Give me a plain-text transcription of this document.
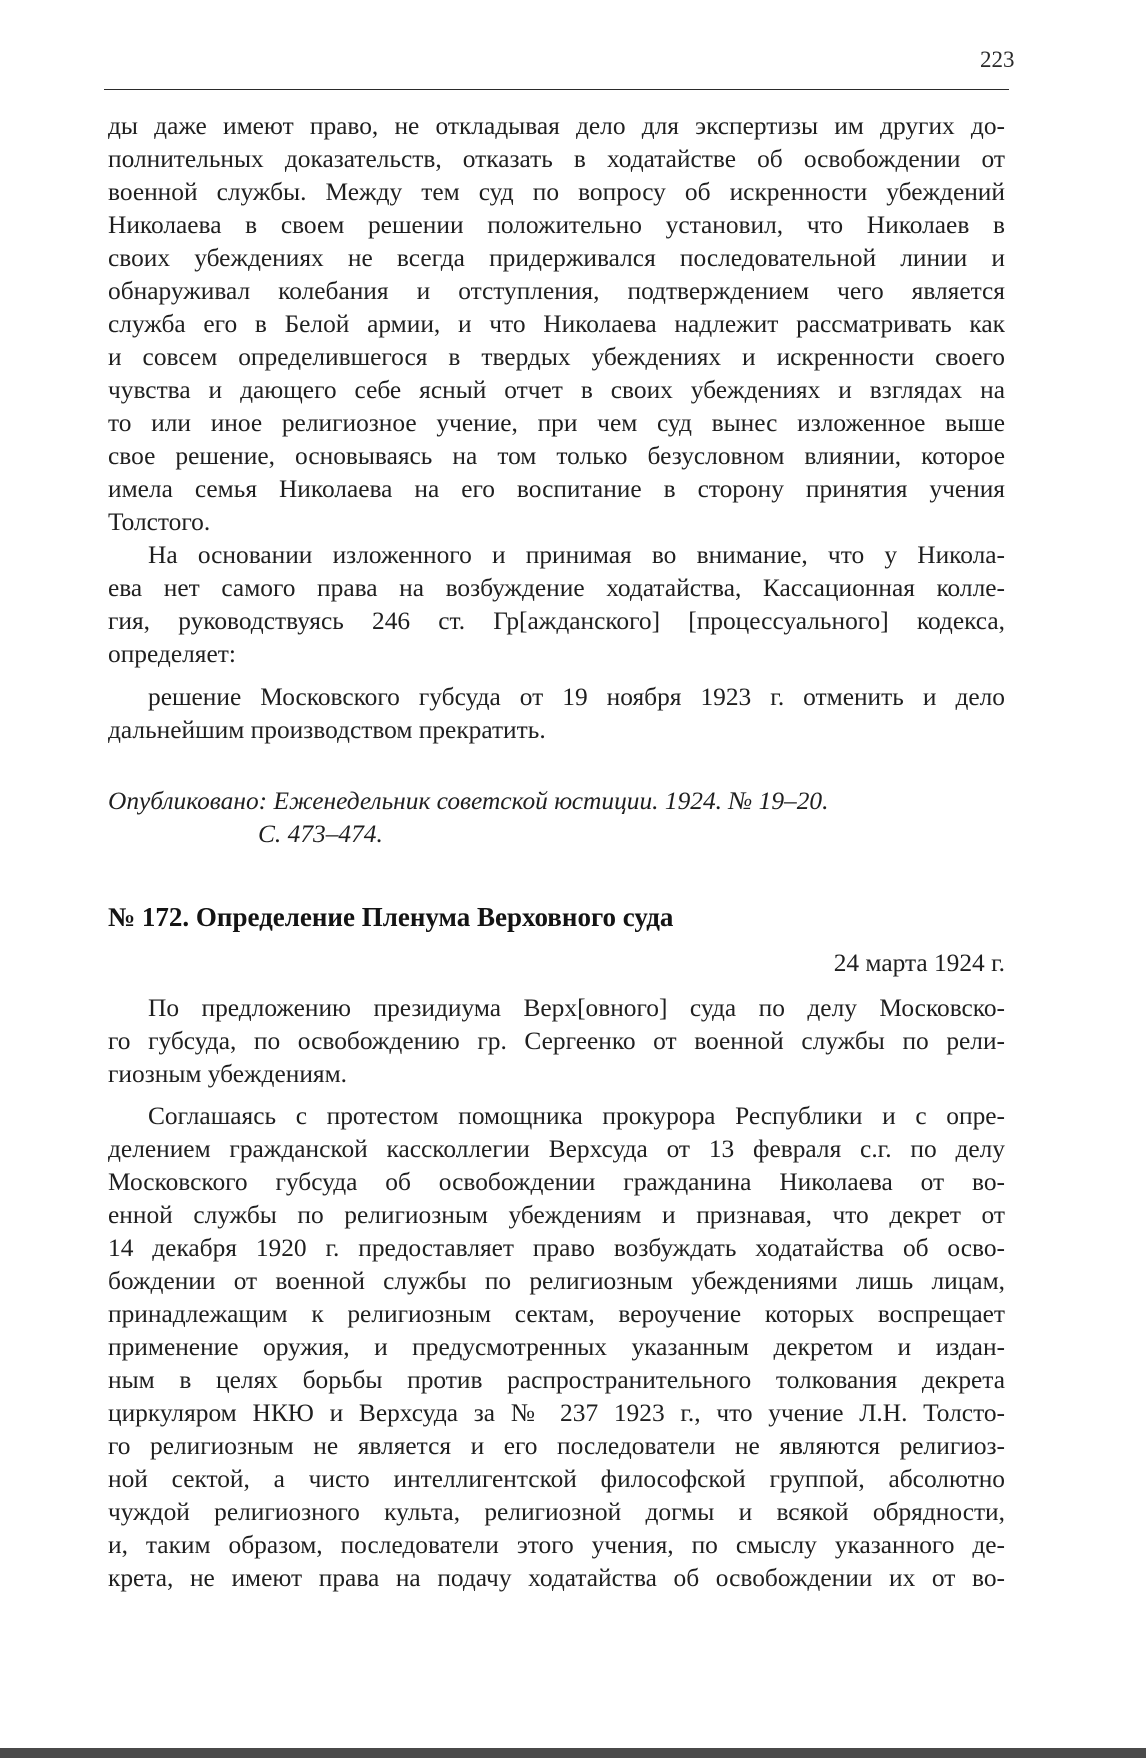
223
ды даже имеют право, не откладывая дело для экспертизы им других до-
полнительных доказательств, отказать в ходатайстве об освобождении от
военной службы. Между тем суд по вопросу об искренности убеждений
Николаева в своем решении положительно установил, что Николаев в
своих убеждениях не всегда придерживался последовательной линии и
обнаруживал колебания и отступления, подтверждением чего является
служба его в Белой армии, и что Николаева надлежит рассматривать как
и совсем определившегося в твердых убеждениях и искренности своего
чувства и дающего себе ясный отчет в своих убеждениях и взглядах на
то или иное религиозное учение, при чем суд вынес изложенное выше
свое решение, основываясь на том только безусловном влиянии, которое
имела семья Николаева на его воспитание в сторону принятия учения
Толстого.
На основании изложенного и принимая во внимание, что у Никола-
ева нет самого права на возбуждение ходатайства, Кассационная колле-
гия, руководствуясь 246 ст. Гр[ажданского] [процессуального] кодекса,
определяет:
решение Московского губсуда от 19 ноября 1923 г. отменить и дело
дальнейшим производством прекратить.
Опубликовано: Еженедельник советской юстиции. 1924. № 19–20.
С. 473–474.
№ 172. Определение Пленума Верховного суда
24 марта 1924 г.
По предложению президиума Верх[овного] суда по делу Московско-
го губсуда, по освобождению гр. Сергеенко от военной службы по рели-
гиозным убеждениям.
Соглашаясь с протестом помощника прокурора Республики и с опре-
делением гражданской кассколлегии Верхсуда от 13 февраля с.г. по делу
Московского губсуда об освобождении гражданина Николаева от во-
енной службы по религиозным убеждениям и признавая, что декрет от
14 декабря 1920 г. предоставляет право возбуждать ходатайства об осво-
бождении от военной службы по религиозным убеждениями лишь лицам,
принадлежащим к религиозным сектам, вероучение которых воспрещает
применение оружия, и предусмотренных указанным декретом и издан-
ным в целях борьбы против распространительного толкования декрета
циркуляром НКЮ и Верхсуда за № 237 1923 г., что учение Л.Н. Толсто-
го религиозным не является и его последователи не являются религиоз-
ной сектой, а чисто интеллигентской философской группой, абсолютно
чуждой религиозного культа, религиозной догмы и всякой обрядности,
и, таким образом, последователи этого учения, по смыслу указанного де-
крета, не имеют права на подачу ходатайства об освобождении их от во-
